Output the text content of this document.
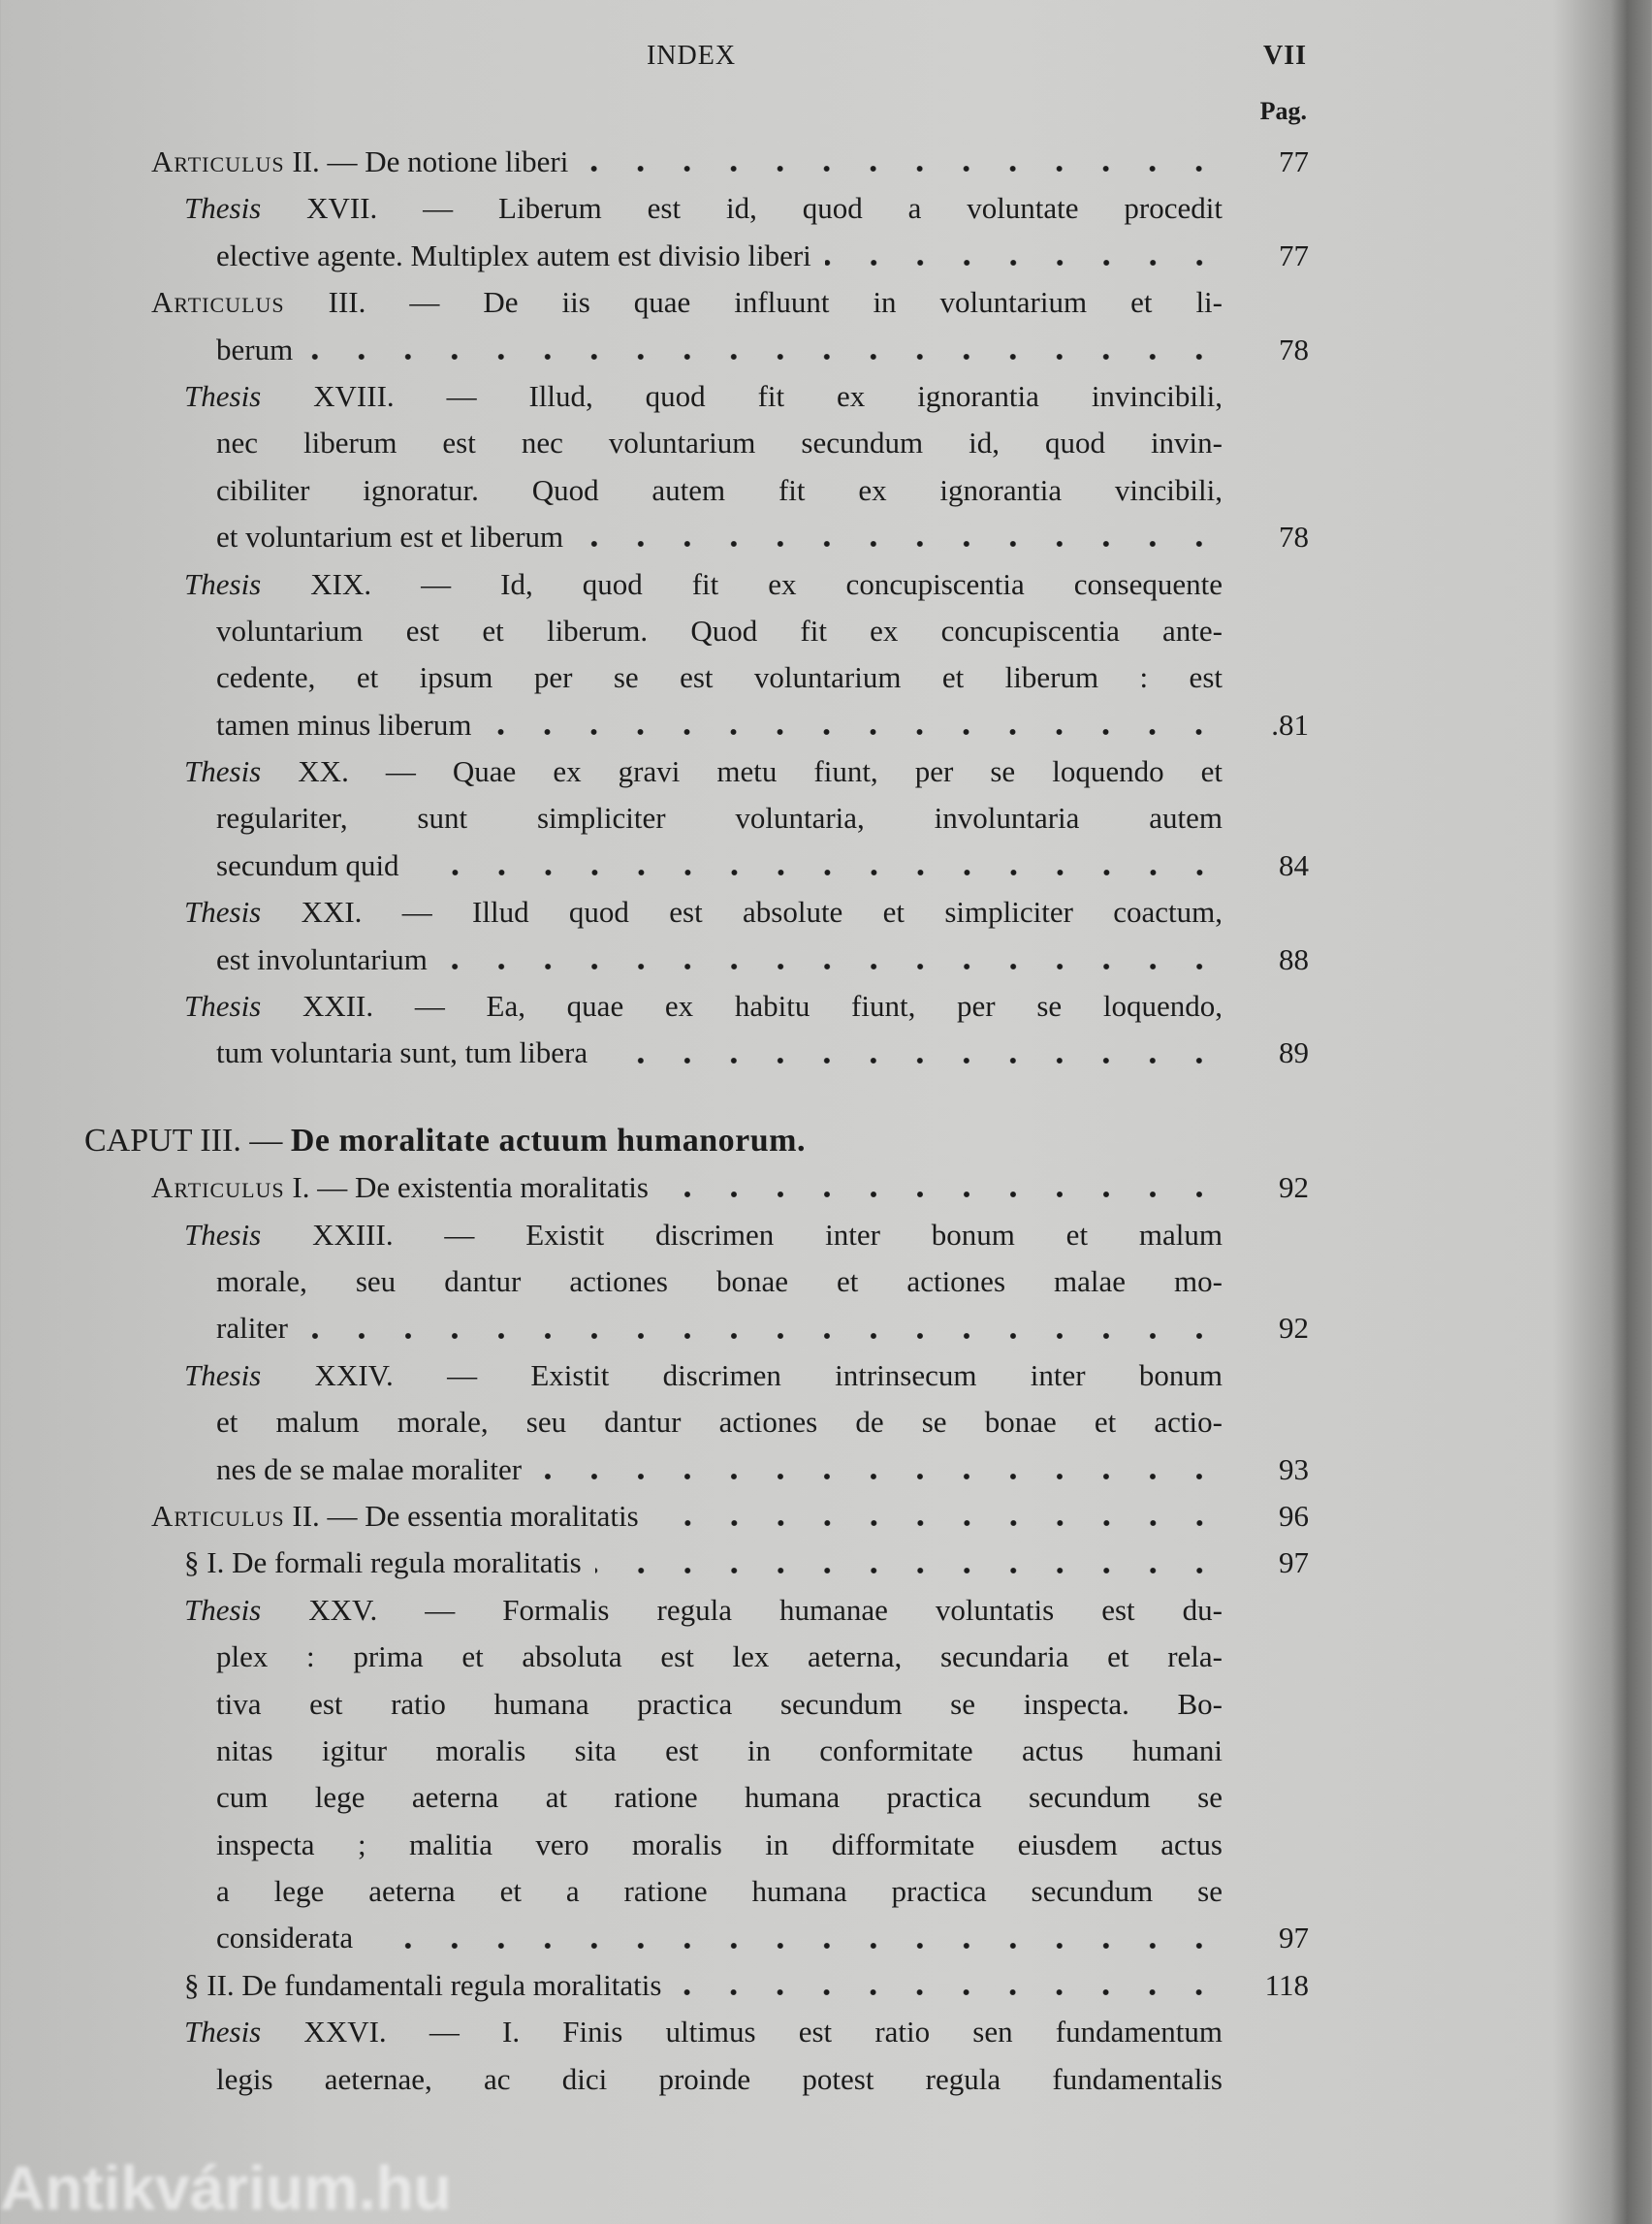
INDEX	VII
Pag.
Articulus II. — De notione liberi	77
Thesis XVII. — Liberum est id, quod a voluntate procedit
elective agente. Multiplex autem est divisio liberi	77
Articulus III. — De iis quae influunt in voluntarium et li-
berum	78
Thesis XVIII. — Illud, quod fit ex ignorantia invincibili,
nec liberum est nec voluntarium secundum id, quod invin-
cibiliter ignoratur. Quod autem fit ex ignorantia vincibili,
et voluntarium est et liberum	78
Thesis XIX. — Id, quod fit ex concupiscentia consequente
voluntarium est et liberum. Quod fit ex concupiscentia ante-
cedente, et ipsum per se est voluntarium et liberum : est
tamen minus liberum	.81
Thesis XX. — Quae ex gravi metu fiunt, per se loquendo et
regulariter, sunt simpliciter voluntaria, involuntaria autem
secundum quid	84
Thesis XXI. — Illud quod est absolute et simpliciter coactum,
est involuntarium	88
Thesis XXII. — Ea, quae ex habitu fiunt, per se loquendo,
tum voluntaria sunt, tum libera	89
CAPUT III. — De moralitate actuum humanorum.
Articulus I. — De existentia moralitatis	92
Thesis XXIII. — Existit discrimen inter bonum et malum
morale, seu dantur actiones bonae et actiones malae mo-
raliter	92
Thesis XXIV. — Existit discrimen intrinsecum inter bonum
et malum morale, seu dantur actiones de se bonae et actio-
nes de se malae moraliter	93
Articulus II. — De essentia moralitatis	96
§ I. De formali regula moralitatis	97
Thesis XXV. — Formalis regula humanae voluntatis est du-
plex : prima et absoluta est lex aeterna, secundaria et rela-
tiva est ratio humana practica secundum se inspecta. Bo-
nitas igitur moralis sita est in conformitate actus humani
cum lege aeterna at ratione humana practica secundum se
inspecta ; malitia vero moralis in difformitate eiusdem actus
a lege aeterna et a ratione humana practica secundum se
considerata	97
§ II. De fundamentali regula moralitatis	118
Thesis XXVI. — I. Finis ultimus est ratio sen fundamentum
legis aeternae, ac dici proinde potest regula fundamentalis
Antikvárium.hu
